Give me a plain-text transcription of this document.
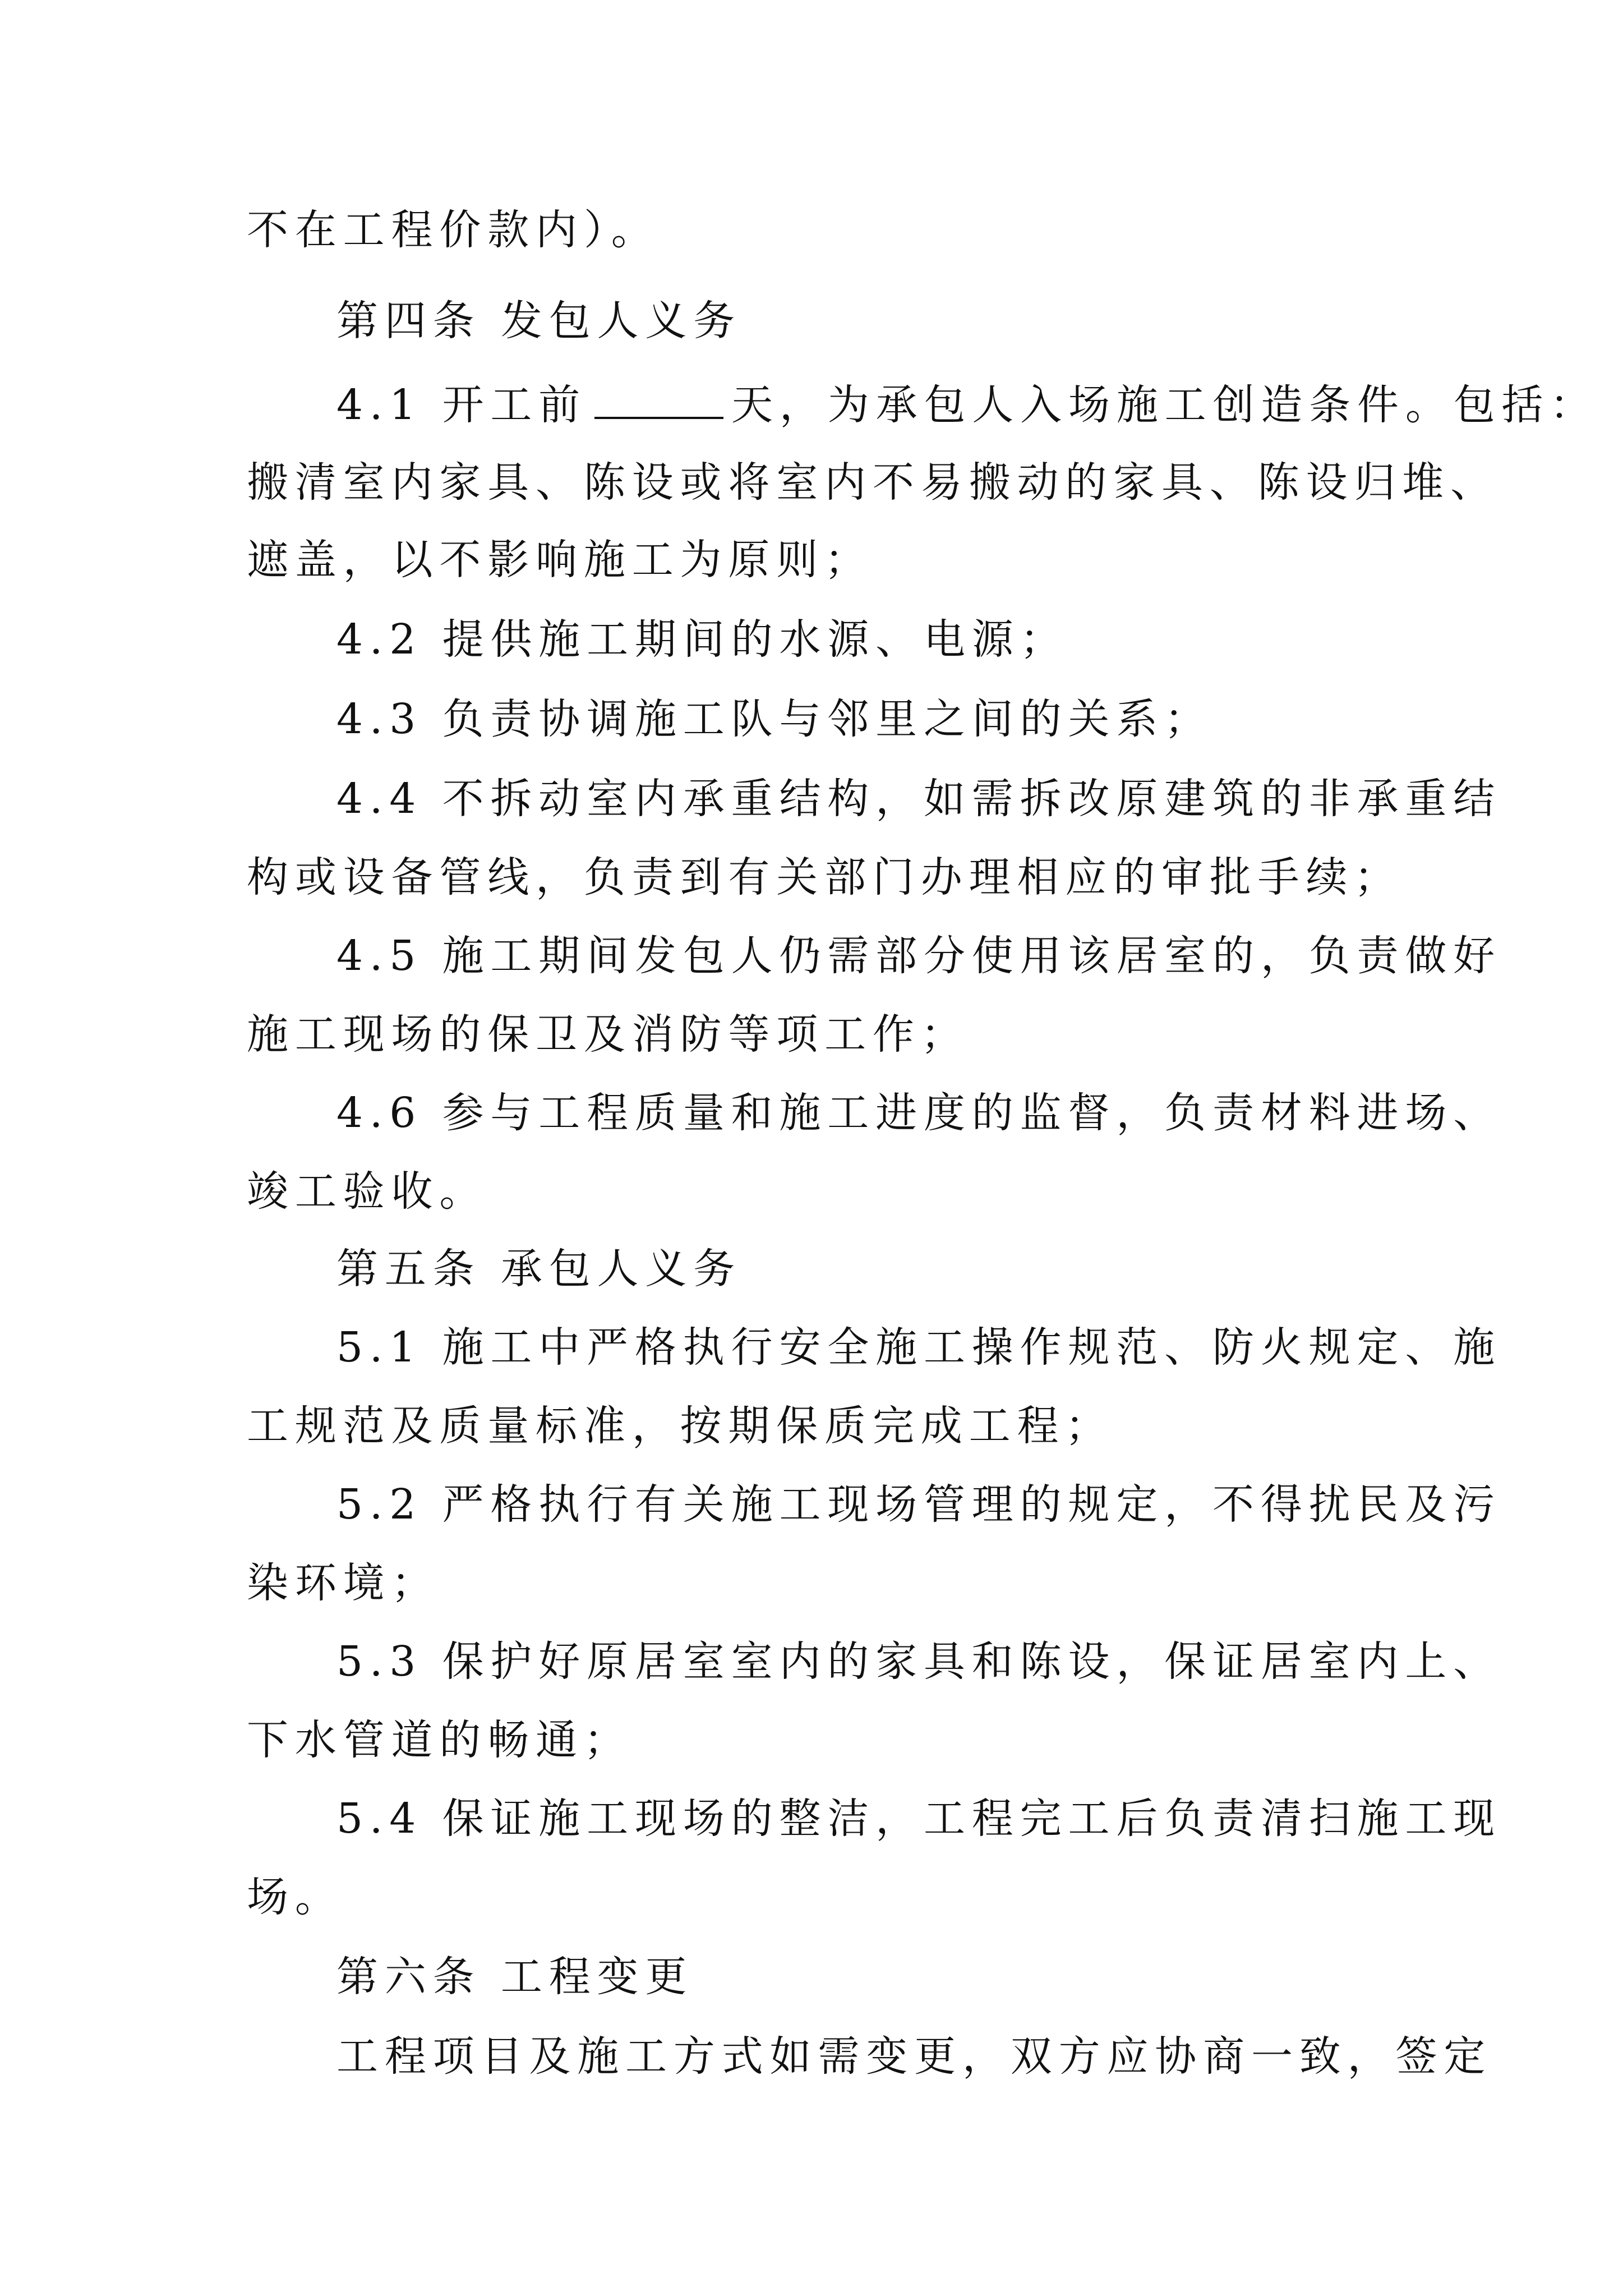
不在工程价款内）。
第四条 发包人义务
4.1 开工前	天，为承包人入场施工创造条件。包括：
搬清室内家具、陈设或将室内不易搬动的家具、陈设归堆、
遮盖，以不影响施工为原则；
4.2 提供施工期间的水源、电源；
4.3 负责协调施工队与邻里之间的关系；
4.4 不拆动室内承重结构，如需拆改原建筑的非承重结
构或设备管线，负责到有关部门办理相应的审批手续；
4.5 施工期间发包人仍需部分使用该居室的，负责做好
施工现场的保卫及消防等项工作；
4.6 参与工程质量和施工进度的监督，负责材料进场、
竣工验收。
第五条 承包人义务
5.1 施工中严格执行安全施工操作规范、防火规定、施
工规范及质量标准，按期保质完成工程；
5.2 严格执行有关施工现场管理的规定，不得扰民及污
染环境；
5.3 保护好原居室室内的家具和陈设，保证居室内上、
下水管道的畅通；
5.4 保证施工现场的整洁，工程完工后负责清扫施工现
场。
第六条 工程变更
工程项目及施工方式如需变更，双方应协商一致，签定
